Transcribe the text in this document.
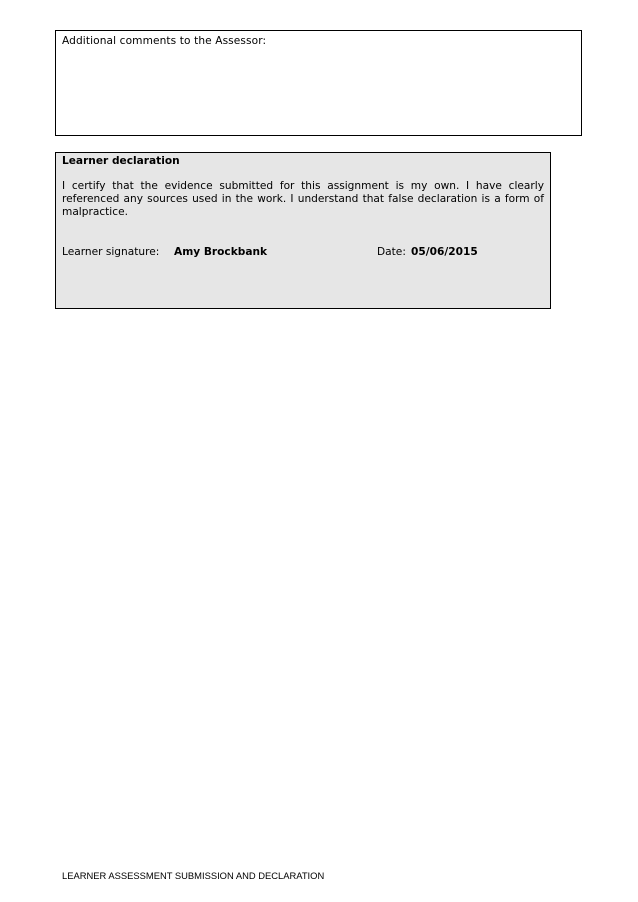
Additional comments to the Assessor:
Learner declaration
I certify that the evidence submitted for this assignment is my own. I have clearly referenced any sources used in the work. I understand that false declaration is a form of malpractice.
Learner signature: Amy Brockbank	Date: 05/06/2015
LEARNER ASSESSMENT SUBMISSION AND DECLARATION
